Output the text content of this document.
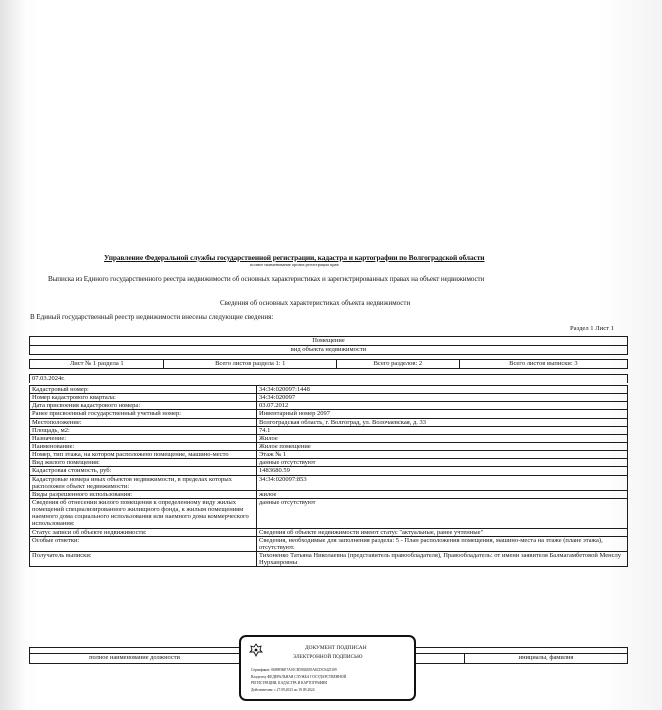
Управление Федеральной службы государственной регистрации, кадастра и картографии по Волгоградской области
полное наименование органа регистрации прав
Выписка из Единого государственного реестра недвижимости об основных характеристиках и зарегистрированных правах на объект недвижимости
Сведения об основных характеристиках объекта недвижимости
В Единый государственный реестр недвижимости внесены следующие сведения:
Раздел 1 Лист 1
Помещение
вид объекта недвижимости
Лист № 1 раздела 1	Всего листов раздела 1: 1	Всего разделов: 2	Всего листов выписки: 3
07.03.2024г.
Кадастровый номер:	34:34:020097:1448
Номер кадастрового квартала:	34:34:020097
Дата присвоения кадастрового номера:	03.07.2012
Ранее присвоенный государственный учетный номер:	Инвентарный номер 2097
Местоположение:	Волгоградская область, г. Волгоград, ул. Волочаевская, д. 33
Площадь, м2:	74.1
Назначение:	Жилое
Наименование:	Жилое помещение
Номер, тип этажа, на котором расположено помещение, машино-место	Этаж № 1
Вид жилого помещения:	данные отсутствуют
Кадастровая стоимость, руб:	1483680.59
Кадастровые номера иных объектов недвижимости, в пределах которых расположен объект недвижимости:	34:34:020097:853
Виды разрешенного использования:	жилое
Сведения об отнесении жилого помещения к определенному виду жилых помещений специализированного жилищного фонда, к жилым помещениям наемного дома социального использования или наемного дома коммерческого использования:	данные отсутствуют
Статус записи об объекте недвижимости:	Сведения об объекте недвижимости имеют статус "актуальные, ранее учтенные"
Особые отметки:	Сведения, необходимые для заполнения раздела: 5 - План расположения помещения, машино-места на этаже (плане этажа), отсутствуют.
Получатель выписки:	Тихоненко Татьяна Николаевна (представитель правообладателя), Правообладатель: от имени заявителя Балмагамбетовой Менслу Нурханровны

полное наименование должности		инициалы, фамилия
ДОКУМЕНТ ПОДПИСАН
ЭЛЕКТРОННОЙ ПОДПИСЬЮ
Сертификат: 0689E96E7A01CB5902B55A6CDC9425109
Владелец: ФЕДЕРАЛЬНАЯ СЛУЖБА ГОСУДАРСТВЕННОЙ
РЕГИСТРАЦИИ, КАДАСТРА И КАРТОГРАФИИ
Действителен: с 27.09.2023 по 19.09.2024
